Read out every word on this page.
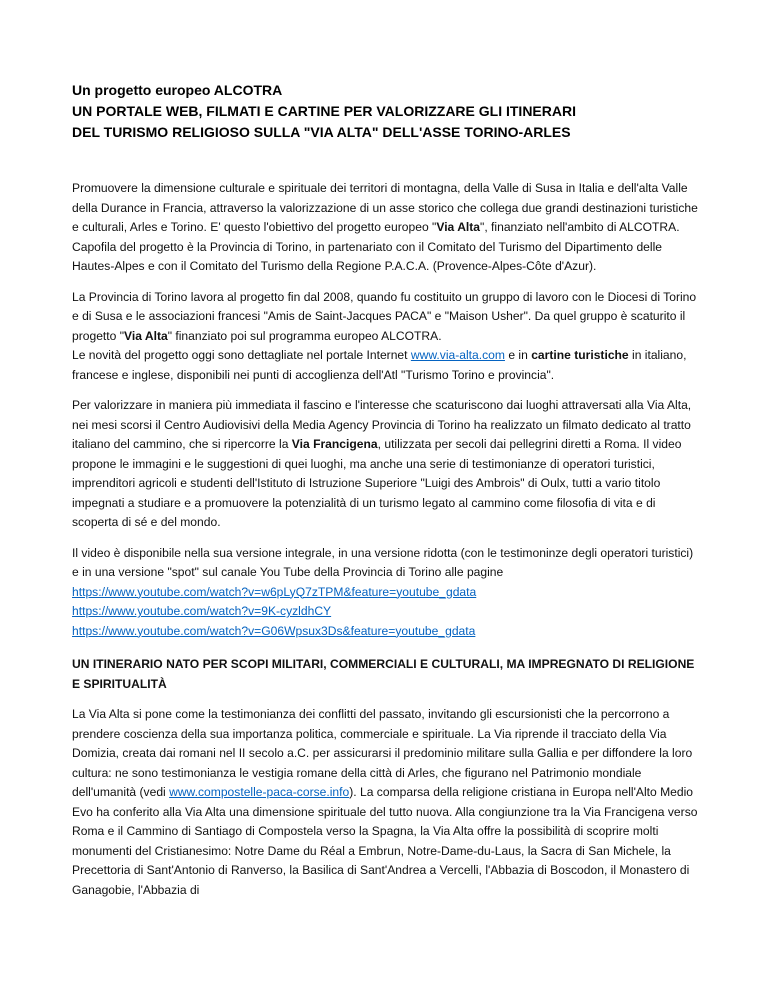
Un progetto europeo ALCOTRA
UN PORTALE WEB, FILMATI E CARTINE PER VALORIZZARE GLI ITINERARI
DEL TURISMO RELIGIOSO SULLA "VIA ALTA" DELL'ASSE TORINO-ARLES

Promuovere la dimensione culturale e spirituale dei territori di montagna, della Valle di Susa in Italia e dell'alta Valle della Durance in Francia, attraverso la valorizzazione di un asse storico che collega due grandi destinazioni turistiche e culturali, Arles e Torino. E' questo l'obiettivo del progetto europeo "Via Alta", finanziato nell'ambito di ALCOTRA. Capofila del progetto è la Provincia di Torino, in partenariato con il Comitato del Turismo del Dipartimento delle Hautes-Alpes e con il Comitato del Turismo della Regione P.A.C.A. (Provence-Alpes-Côte d'Azur).

La Provincia di Torino lavora al progetto fin dal 2008, quando fu costituito un gruppo di lavoro con le Diocesi di Torino e di Susa e le associazioni francesi "Amis de Saint-Jacques PACA" e "Maison Usher". Da quel gruppo è scaturito il progetto "Via Alta" finanziato poi sul programma europeo ALCOTRA.
Le novità del progetto oggi sono dettagliate nel portale Internet www.via-alta.com e in cartine turistiche in italiano, francese e inglese, disponibili nei punti di accoglienza dell'Atl "Turismo Torino e provincia".

Per valorizzare in maniera più immediata il fascino e l'interesse che scaturiscono dai luoghi attraversati alla Via Alta, nei mesi scorsi il Centro Audiovisivi della Media Agency Provincia di Torino ha realizzato un filmato dedicato al tratto italiano del cammino, che si ripercorre la Via Francigena, utilizzata per secoli dai pellegrini diretti a Roma. Il video propone le immagini e le suggestioni di quei luoghi, ma anche una serie di testimonianze di operatori turistici, imprenditori agricoli e studenti dell'Istituto di Istruzione Superiore "Luigi des Ambrois" di Oulx, tutti a vario titolo impegnati a studiare e a promuovere la potenzialità di un turismo legato al cammino come filosofia di vita e di scoperta di sé e del mondo.

Il video è disponibile nella sua versione integrale, in una versione ridotta (con le testimoninze degli operatori turistici) e in una versione "spot" sul canale You Tube della Provincia di Torino alle pagine

https://www.youtube.com/watch?v=w6pLyQ7zTPM&feature=youtube_gdata
https://www.youtube.com/watch?v=9K-cyzldhCY
https://www.youtube.com/watch?v=G06Wpsux3Ds&feature=youtube_gdata
UN ITINERARIO NATO PER SCOPI MILITARI, COMMERCIALI E CULTURALI, MA IMPREGNATO DI RELIGIONE E SPIRITUALITÀ

La Via Alta si pone come la testimonianza dei conflitti del passato, invitando gli escursionisti che la percorrono a prendere coscienza della sua importanza politica, commerciale e spirituale. La Via riprende il tracciato della Via Domizia, creata dai romani nel II secolo a.C. per assicurarsi il predominio militare sulla Gallia e per diffondere la loro cultura: ne sono testimonianza le vestigia romane della città di Arles, che figurano nel Patrimonio mondiale dell'umanità (vedi www.compostelle-paca-corse.info). La comparsa della religione cristiana in Europa nell'Alto Medio Evo ha conferito alla Via Alta una dimensione spirituale del tutto nuova. Alla congiunzione tra la Via Francigena verso Roma e il Cammino di Santiago di Compostela verso la Spagna, la Via Alta offre la possibilità di scoprire molti monumenti del Cristianesimo: Notre Dame du Réal a Embrun, Notre-Dame-du-Laus, la Sacra di San Michele, la Precettoria di Sant'Antonio di Ranverso, la Basilica di Sant'Andrea a Vercelli, l'Abbazia di Boscodon, il Monastero di Ganagobie, l'Abbazia di
